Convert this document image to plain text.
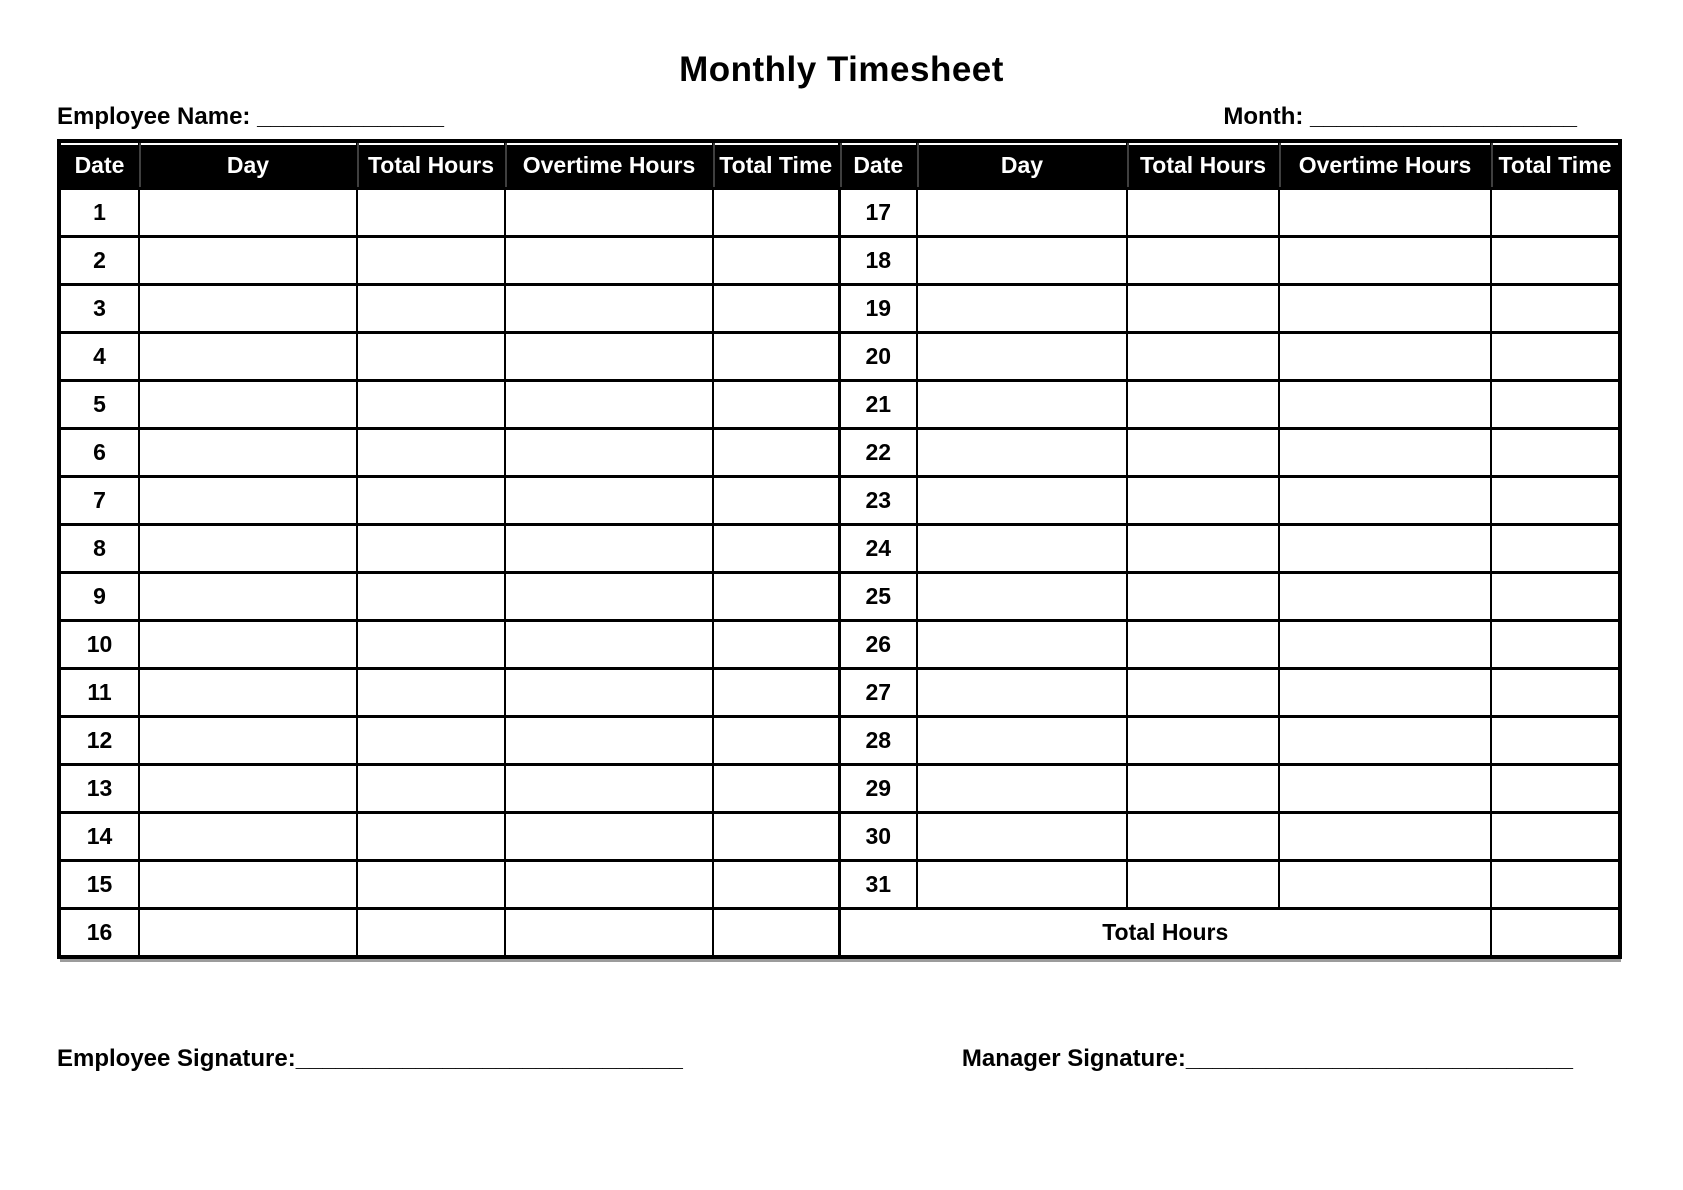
Monthly Timesheet
Employee Name: ______________	Month: ____________________
Date	Day	Total Hours	Overtime Hours	Total Time	Date	Day	Total Hours	Overtime Hours	Total Time
1					17				
2					18				
3					19				
4					20				
5					21				
6					22				
7					23				
8					24				
9					25				
10					26				
11					27				
12					28				
13					29				
14					30				
15					31				
16					Total Hours				
Employee Signature:_____________________________	Manager Signature:_____________________________
